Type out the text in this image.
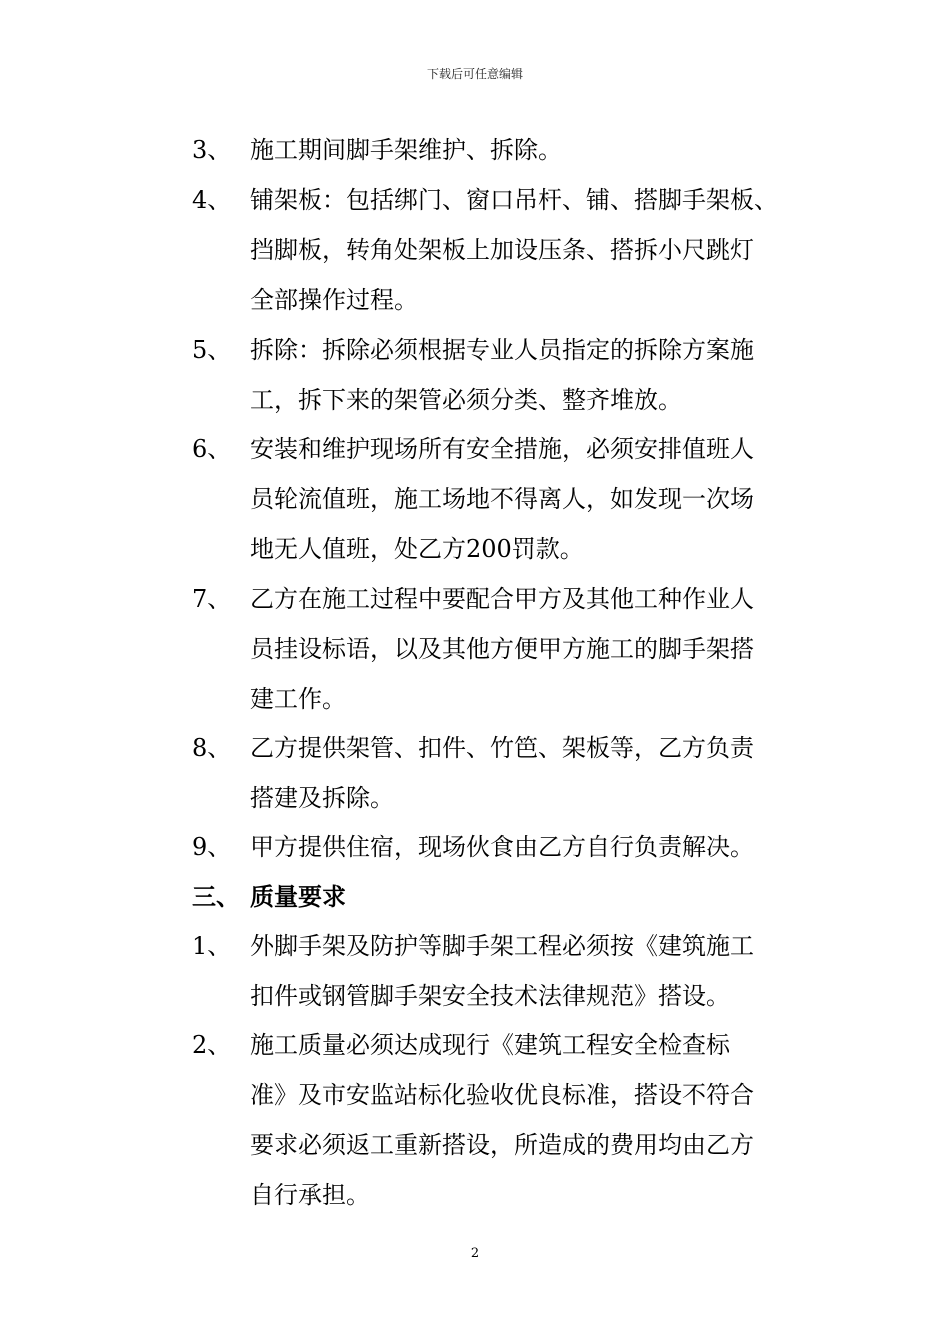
下载后可任意编辑
3、 施工期间脚手架维护、拆除。
4、 铺架板：包括绑门、窗口吊杆、铺、搭脚手架板、
挡脚板，转角处架板上加设压条、搭拆小尺跳灯
全部操作过程。
5、 拆除：拆除必须根据专业人员指定的拆除方案施
工，拆下来的架管必须分类、整齐堆放。
6、 安装和维护现场所有安全措施，必须安排值班人
员轮流值班，施工场地不得离人，如发现一次场
地无人值班，处乙方200罚款。
7、 乙方在施工过程中要配合甲方及其他工种作业人
员挂设标语，以及其他方便甲方施工的脚手架搭
建工作。
8、 乙方提供架管、扣件、竹笆、架板等，乙方负责
搭建及拆除。
9、 甲方提供住宿，现场伙食由乙方自行负责解决。
三、 质量要求
1、 外脚手架及防护等脚手架工程必须按《建筑施工
扣件或钢管脚手架安全技术法律规范》搭设。
2、 施工质量必须达成现行《建筑工程安全检查标
准》及市安监站标化验收优良标准，搭设不符合
要求必须返工重新搭设，所造成的费用均由乙方
自行承担。
2
